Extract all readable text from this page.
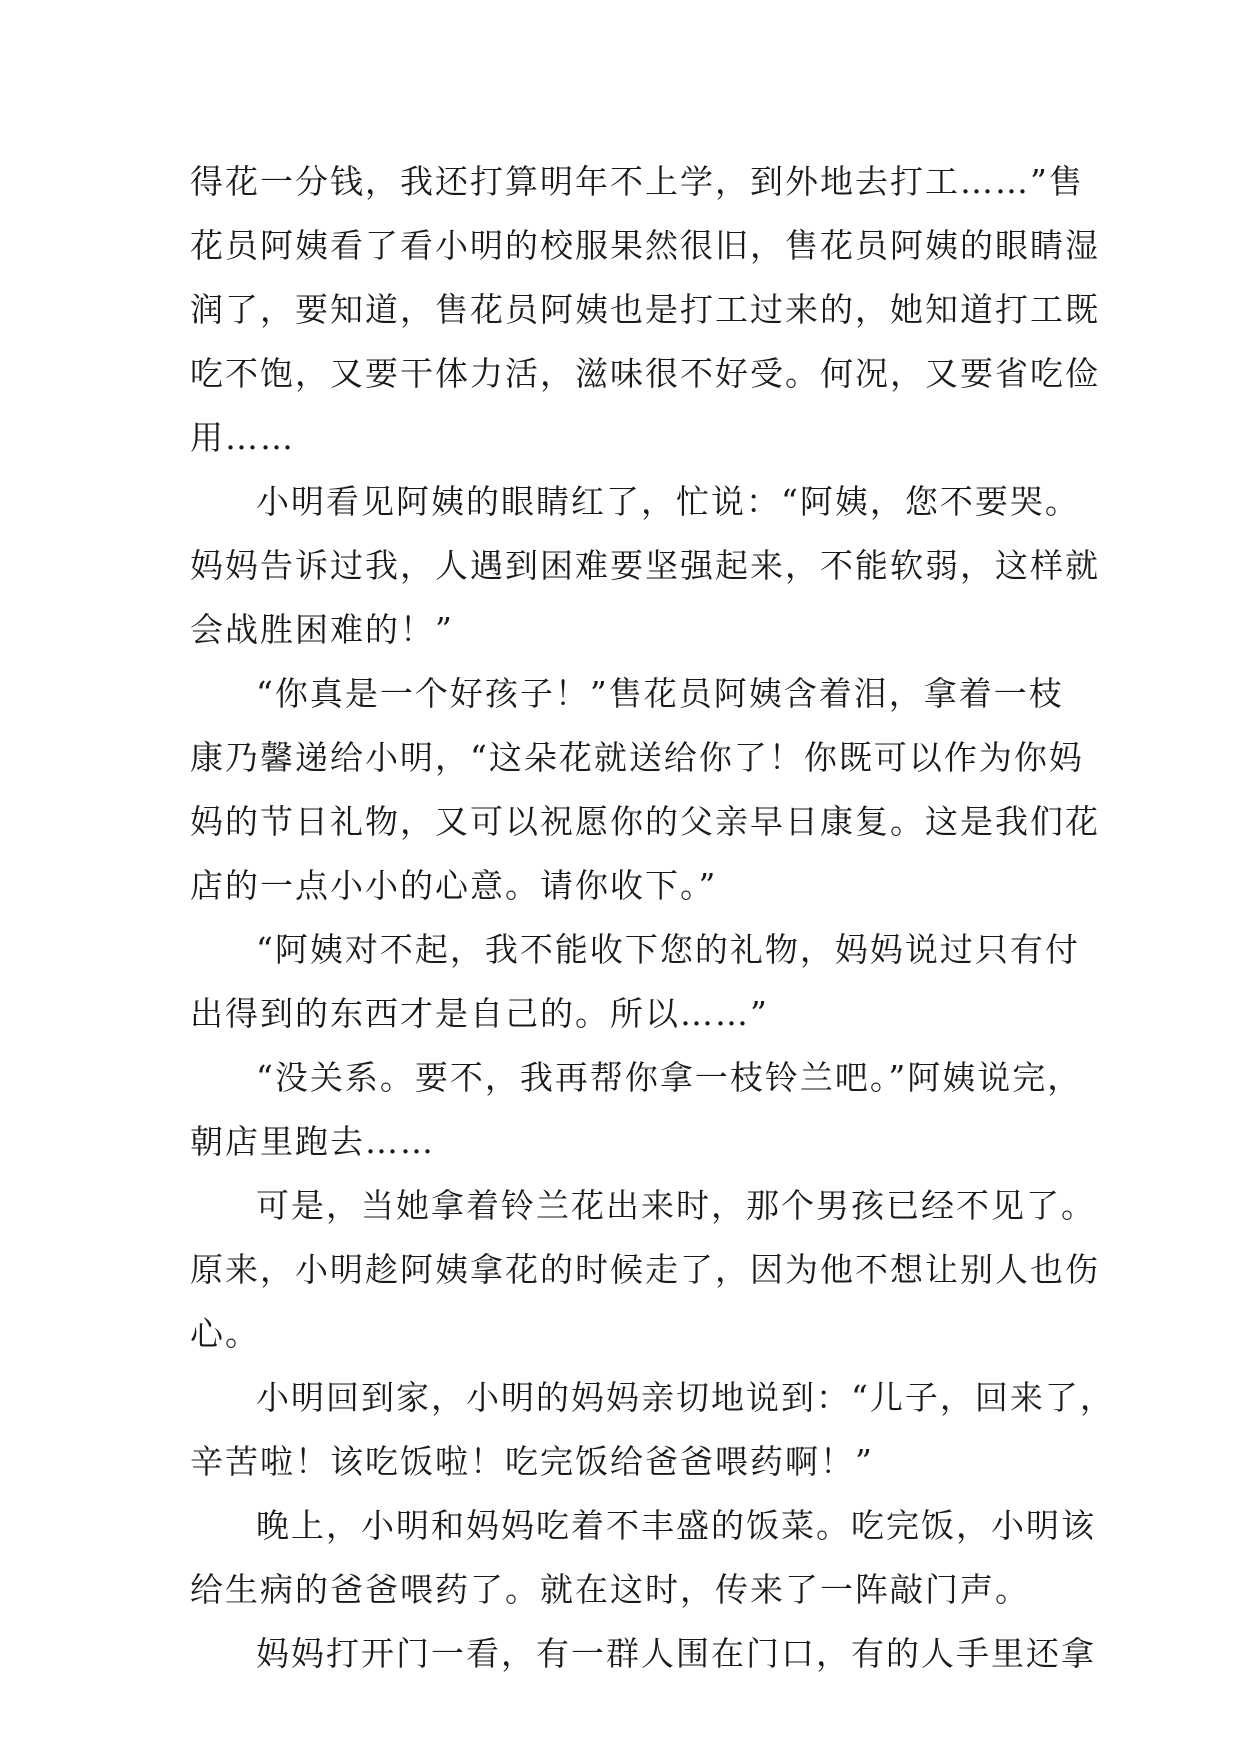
得花一分钱，我还打算明年不上学，到外地去打工……”售
花员阿姨看了看小明的校服果然很旧，售花员阿姨的眼睛湿
润了，要知道，售花员阿姨也是打工过来的，她知道打工既
吃不饱，又要干体力活，滋味很不好受。何况，又要省吃俭
用……
小明看见阿姨的眼睛红了，忙说：“阿姨，您不要哭。
妈妈告诉过我，人遇到困难要坚强起来，不能软弱，这样就
会战胜困难的！”
“你真是一个好孩子！”售花员阿姨含着泪，拿着一枝
康乃馨递给小明，“这朵花就送给你了！你既可以作为你妈
妈的节日礼物，又可以祝愿你的父亲早日康复。这是我们花
店的一点小小的心意。请你收下。”
“阿姨对不起，我不能收下您的礼物，妈妈说过只有付
出得到的东西才是自己的。所以……”
“没关系。要不，我再帮你拿一枝铃兰吧。”阿姨说完，
朝店里跑去……
可是，当她拿着铃兰花出来时，那个男孩已经不见了。
原来，小明趁阿姨拿花的时候走了，因为他不想让别人也伤
心。
小明回到家，小明的妈妈亲切地说到：“儿子，回来了，
辛苦啦！该吃饭啦！吃完饭给爸爸喂药啊！”
晚上，小明和妈妈吃着不丰盛的饭菜。吃完饭，小明该
给生病的爸爸喂药了。就在这时，传来了一阵敲门声。
妈妈打开门一看，有一群人围在门口，有的人手里还拿
